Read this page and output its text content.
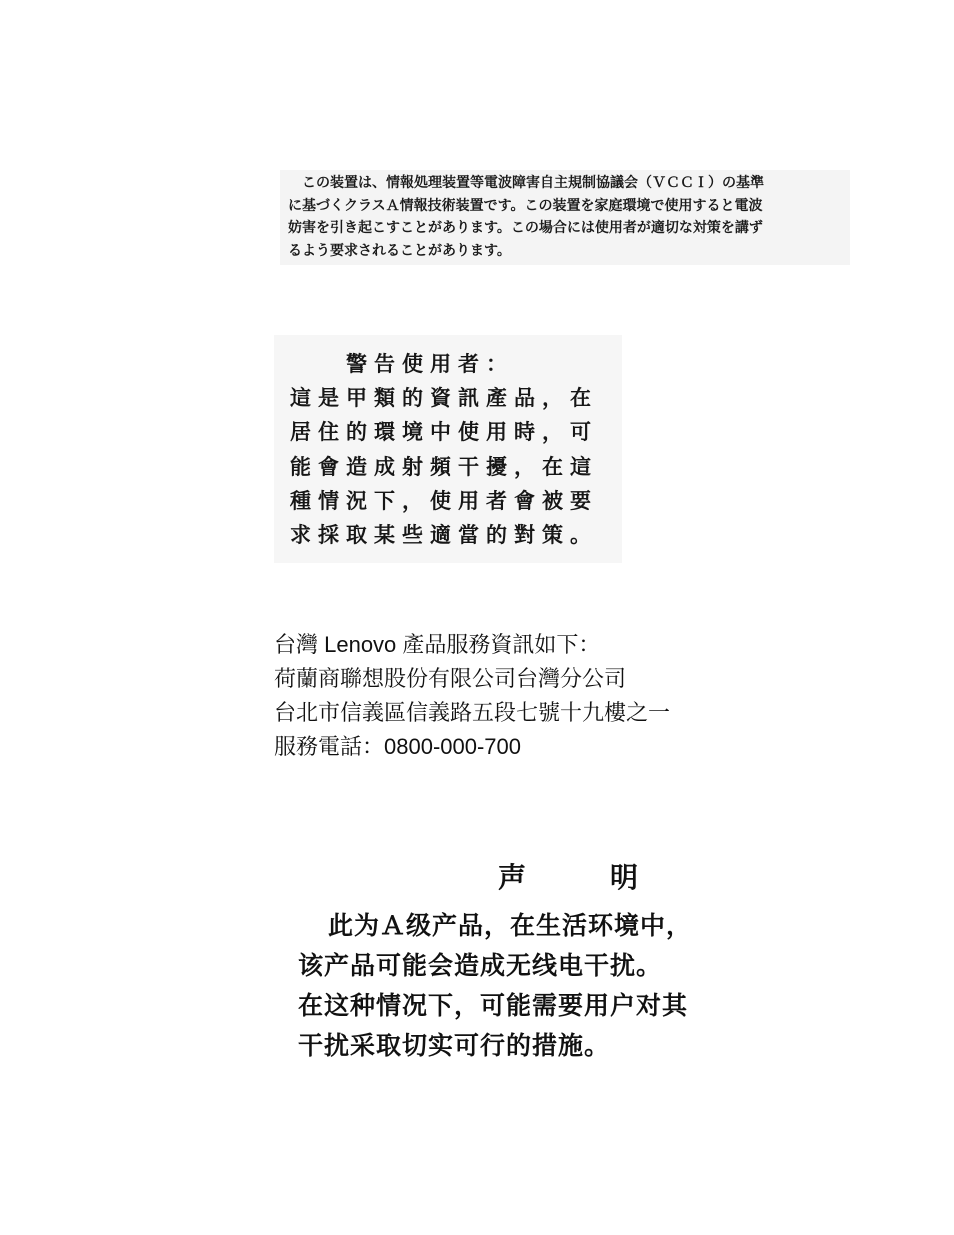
この装置は、情報処理装置等電波障害自主規制協議会（ＶＣＣＩ）の基準
に基づくクラスＡ情報技術装置です。この装置を家庭環境で使用すると電波
妨害を引き起こすことがあります。この場合には使用者が適切な対策を講ず
るよう要求されることがあります。
警告使用者：
這是甲類的資訊產品，在
居住的環境中使用時，可
能會造成射頻干擾，在這
種情況下，使用者會被要
求採取某些適當的對策。
台灣 Lenovo 產品服務資訊如下：
荷蘭商聯想股份有限公司台灣分公司
台北市信義區信義路五段七號十九樓之一
服務電話：0800-000-700
声	明
此为Ａ级产品，在生活环境中，
该产品可能会造成无线电干扰。
在这种情况下，可能需要用户对其
干扰采取切实可行的措施。
